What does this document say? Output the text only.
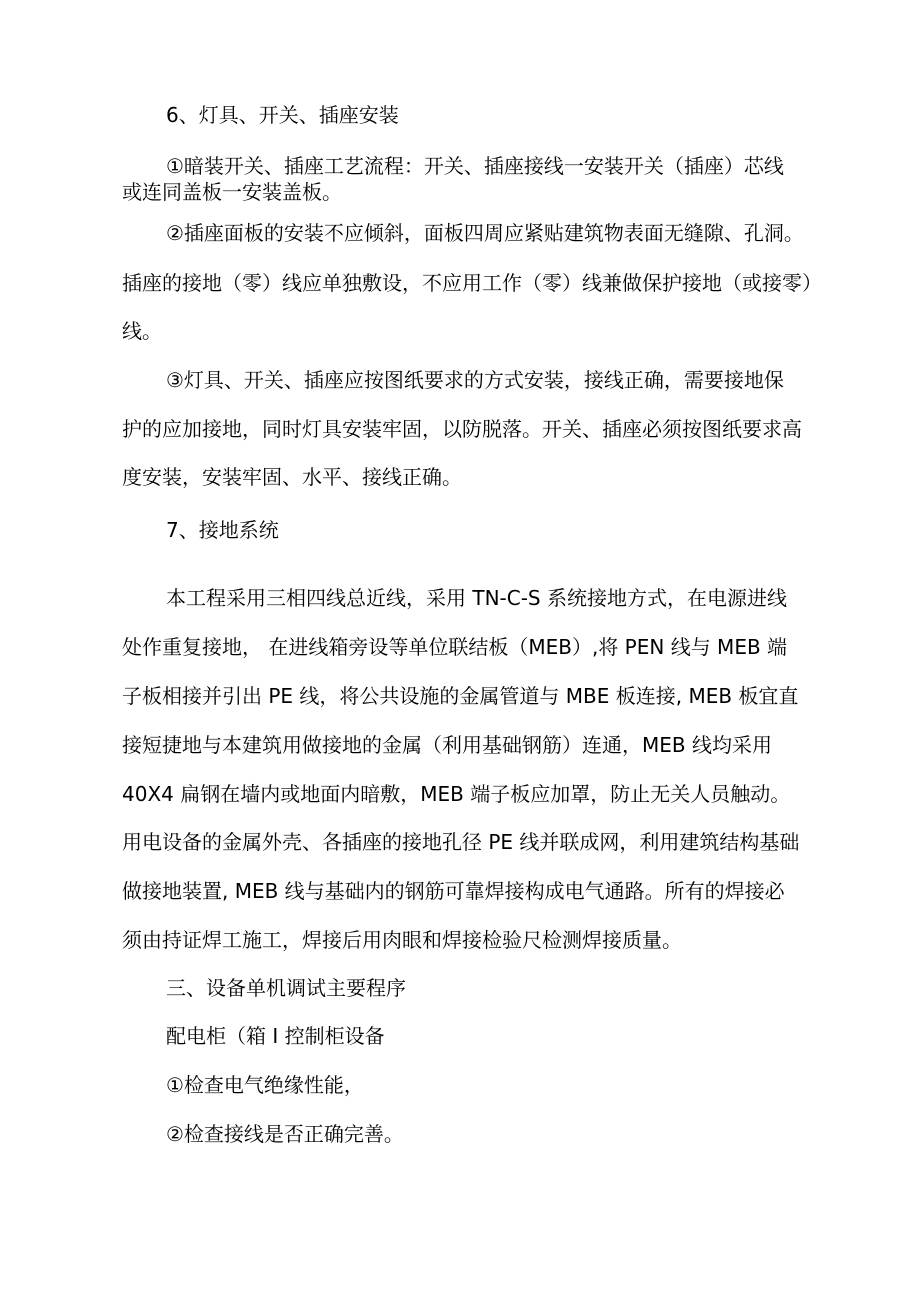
6、灯具、开关、插座安装
①暗装开关、插座工艺流程：开关、插座接线一安装开关（插座）芯线
或连同盖板一安装盖板。
②插座面板的安装不应倾斜，面板四周应紧贴建筑物表面无缝隙、孔洞。
插座的接地（零）线应单独敷设，不应用工作（零）线兼做保护接地（或接零）
线。
③灯具、开关、插座应按图纸要求的方式安装，接线正确，需要接地保
护的应加接地，同时灯具安装牢固，以防脱落。开关、插座必须按图纸要求高
度安装，安装牢固、水平、接线正确。
7、接地系统
本工程采用三相四线总近线，采用 TN-C-S 系统接地方式，在电源进线
处作重复接地， 在进线箱旁设等单位联结板（MEB）,将 PEN 线与 MEB 端
子板相接并引出 PE 线，将公共设施的金属管道与 MBE 板连接, MEB 板宜直
接短捷地与本建筑用做接地的金属（利用基础钢筋）连通，MEB 线均采用
40X4 扁钢在墙内或地面内暗敷，MEB 端子板应加罩，防止无关人员触动。
用电设备的金属外壳、各插座的接地孔径 PE 线并联成网，利用建筑结构基础
做接地装置, MEB 线与基础内的钢筋可靠焊接构成电气通路。所有的焊接必
须由持证焊工施工，焊接后用肉眼和焊接检验尺检测焊接质量。
三、设备单机调试主要程序
配电柜（箱 I 控制柜设备
①检查电气绝缘性能，
②检查接线是否正确完善。
